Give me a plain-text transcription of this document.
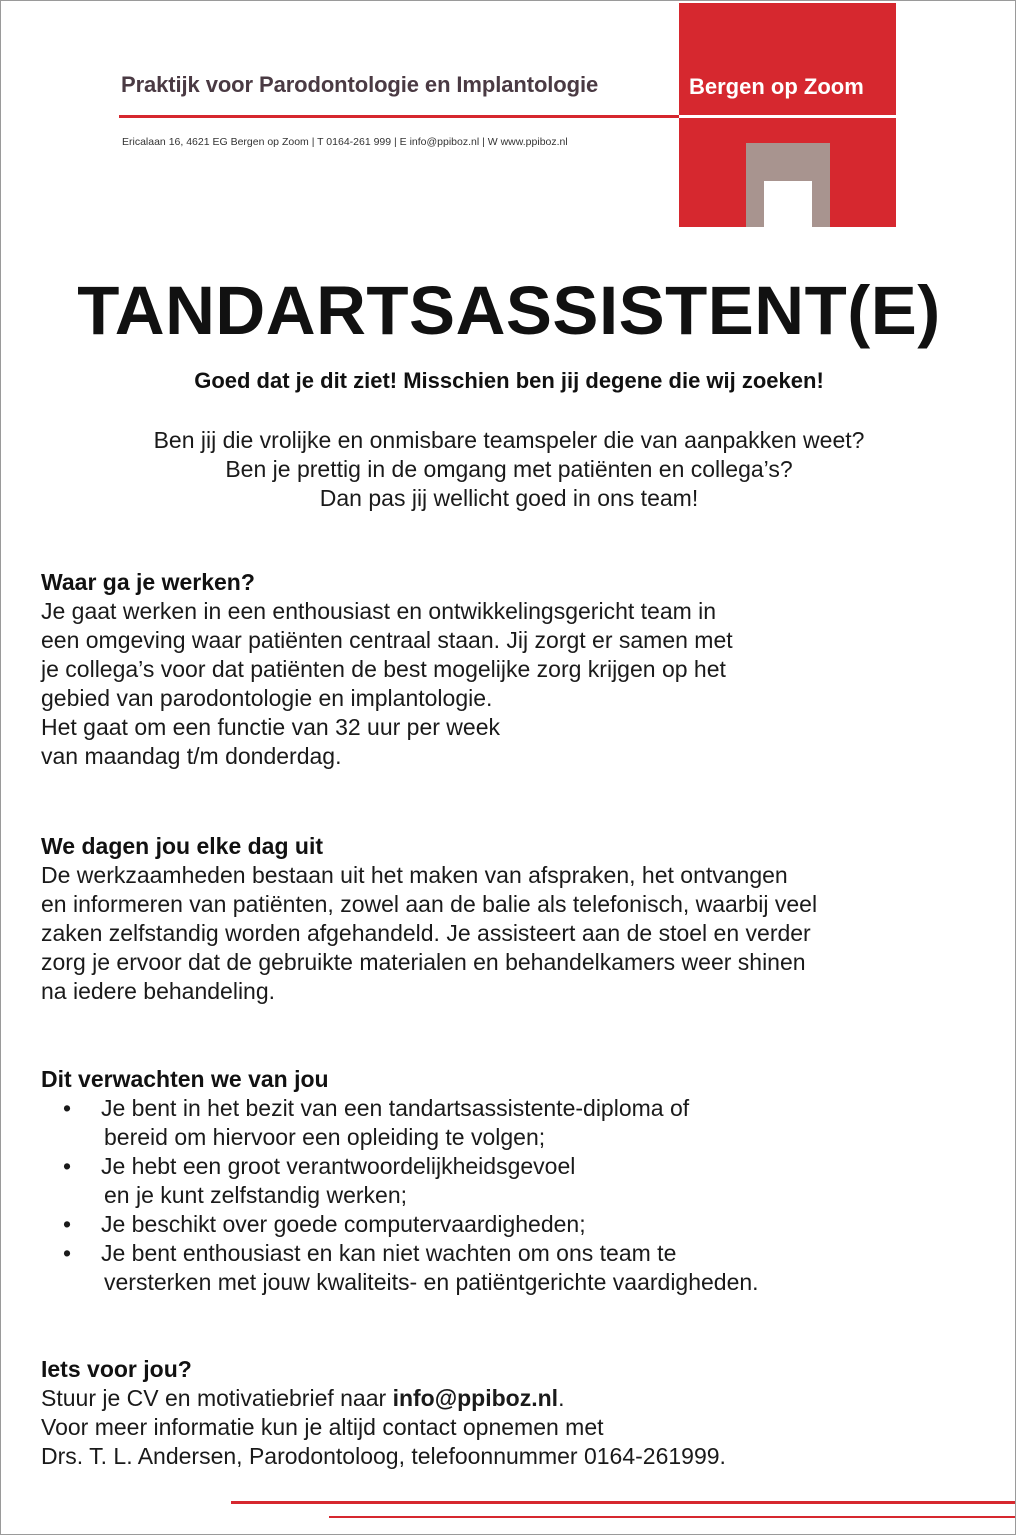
Praktijk voor Parodontologie en Implantologie
Ericalaan 16, 4621 EG Bergen op Zoom | T 0164-261 999 | E info@ppiboz.nl | W www.ppiboz.nl
Bergen op Zoom
TANDARTSASSISTENT(E)
Goed dat je dit ziet! Misschien ben jij degene die wij zoeken!
Ben jij die vrolijke en onmisbare teamspeler die van aanpakken weet?
Ben je prettig in de omgang met patiënten en collega’s?
Dan pas jij wellicht goed in ons team!
Waar ga je werken?
Je gaat werken in een enthousiast en ontwikkelingsgericht team in
een omgeving waar patiënten centraal staan. Jij zorgt er samen met
je collega’s voor dat patiënten de best mogelijke zorg krijgen op het
gebied van parodontologie en implantologie.
Het gaat om een functie van 32 uur per week
van maandag t/m donderdag.
We dagen jou elke dag uit
De werkzaamheden bestaan uit het maken van afspraken, het ontvangen
en informeren van patiënten, zowel aan de balie als telefonisch, waarbij veel
zaken zelfstandig worden afgehandeld. Je assisteert aan de stoel en verder
zorg je ervoor dat de gebruikte materialen en behandelkamers weer shinen
na iedere behandeling.
Dit verwachten we van jou
• Je bent in het bezit van een tandartsassistente-diploma of
bereid om hiervoor een opleiding te volgen;
• Je hebt een groot verantwoordelijkheidsgevoel
en je kunt zelfstandig werken;
• Je beschikt over goede computervaardigheden;
• Je bent enthousiast en kan niet wachten om ons team te
versterken met jouw kwaliteits- en patiëntgerichte vaardigheden.
Iets voor jou?
Stuur je CV en motivatiebrief naar info@ppiboz.nl.
Voor meer informatie kun je altijd contact opnemen met
Drs. T. L. Andersen, Parodontoloog, telefoonnummer 0164-261999.
